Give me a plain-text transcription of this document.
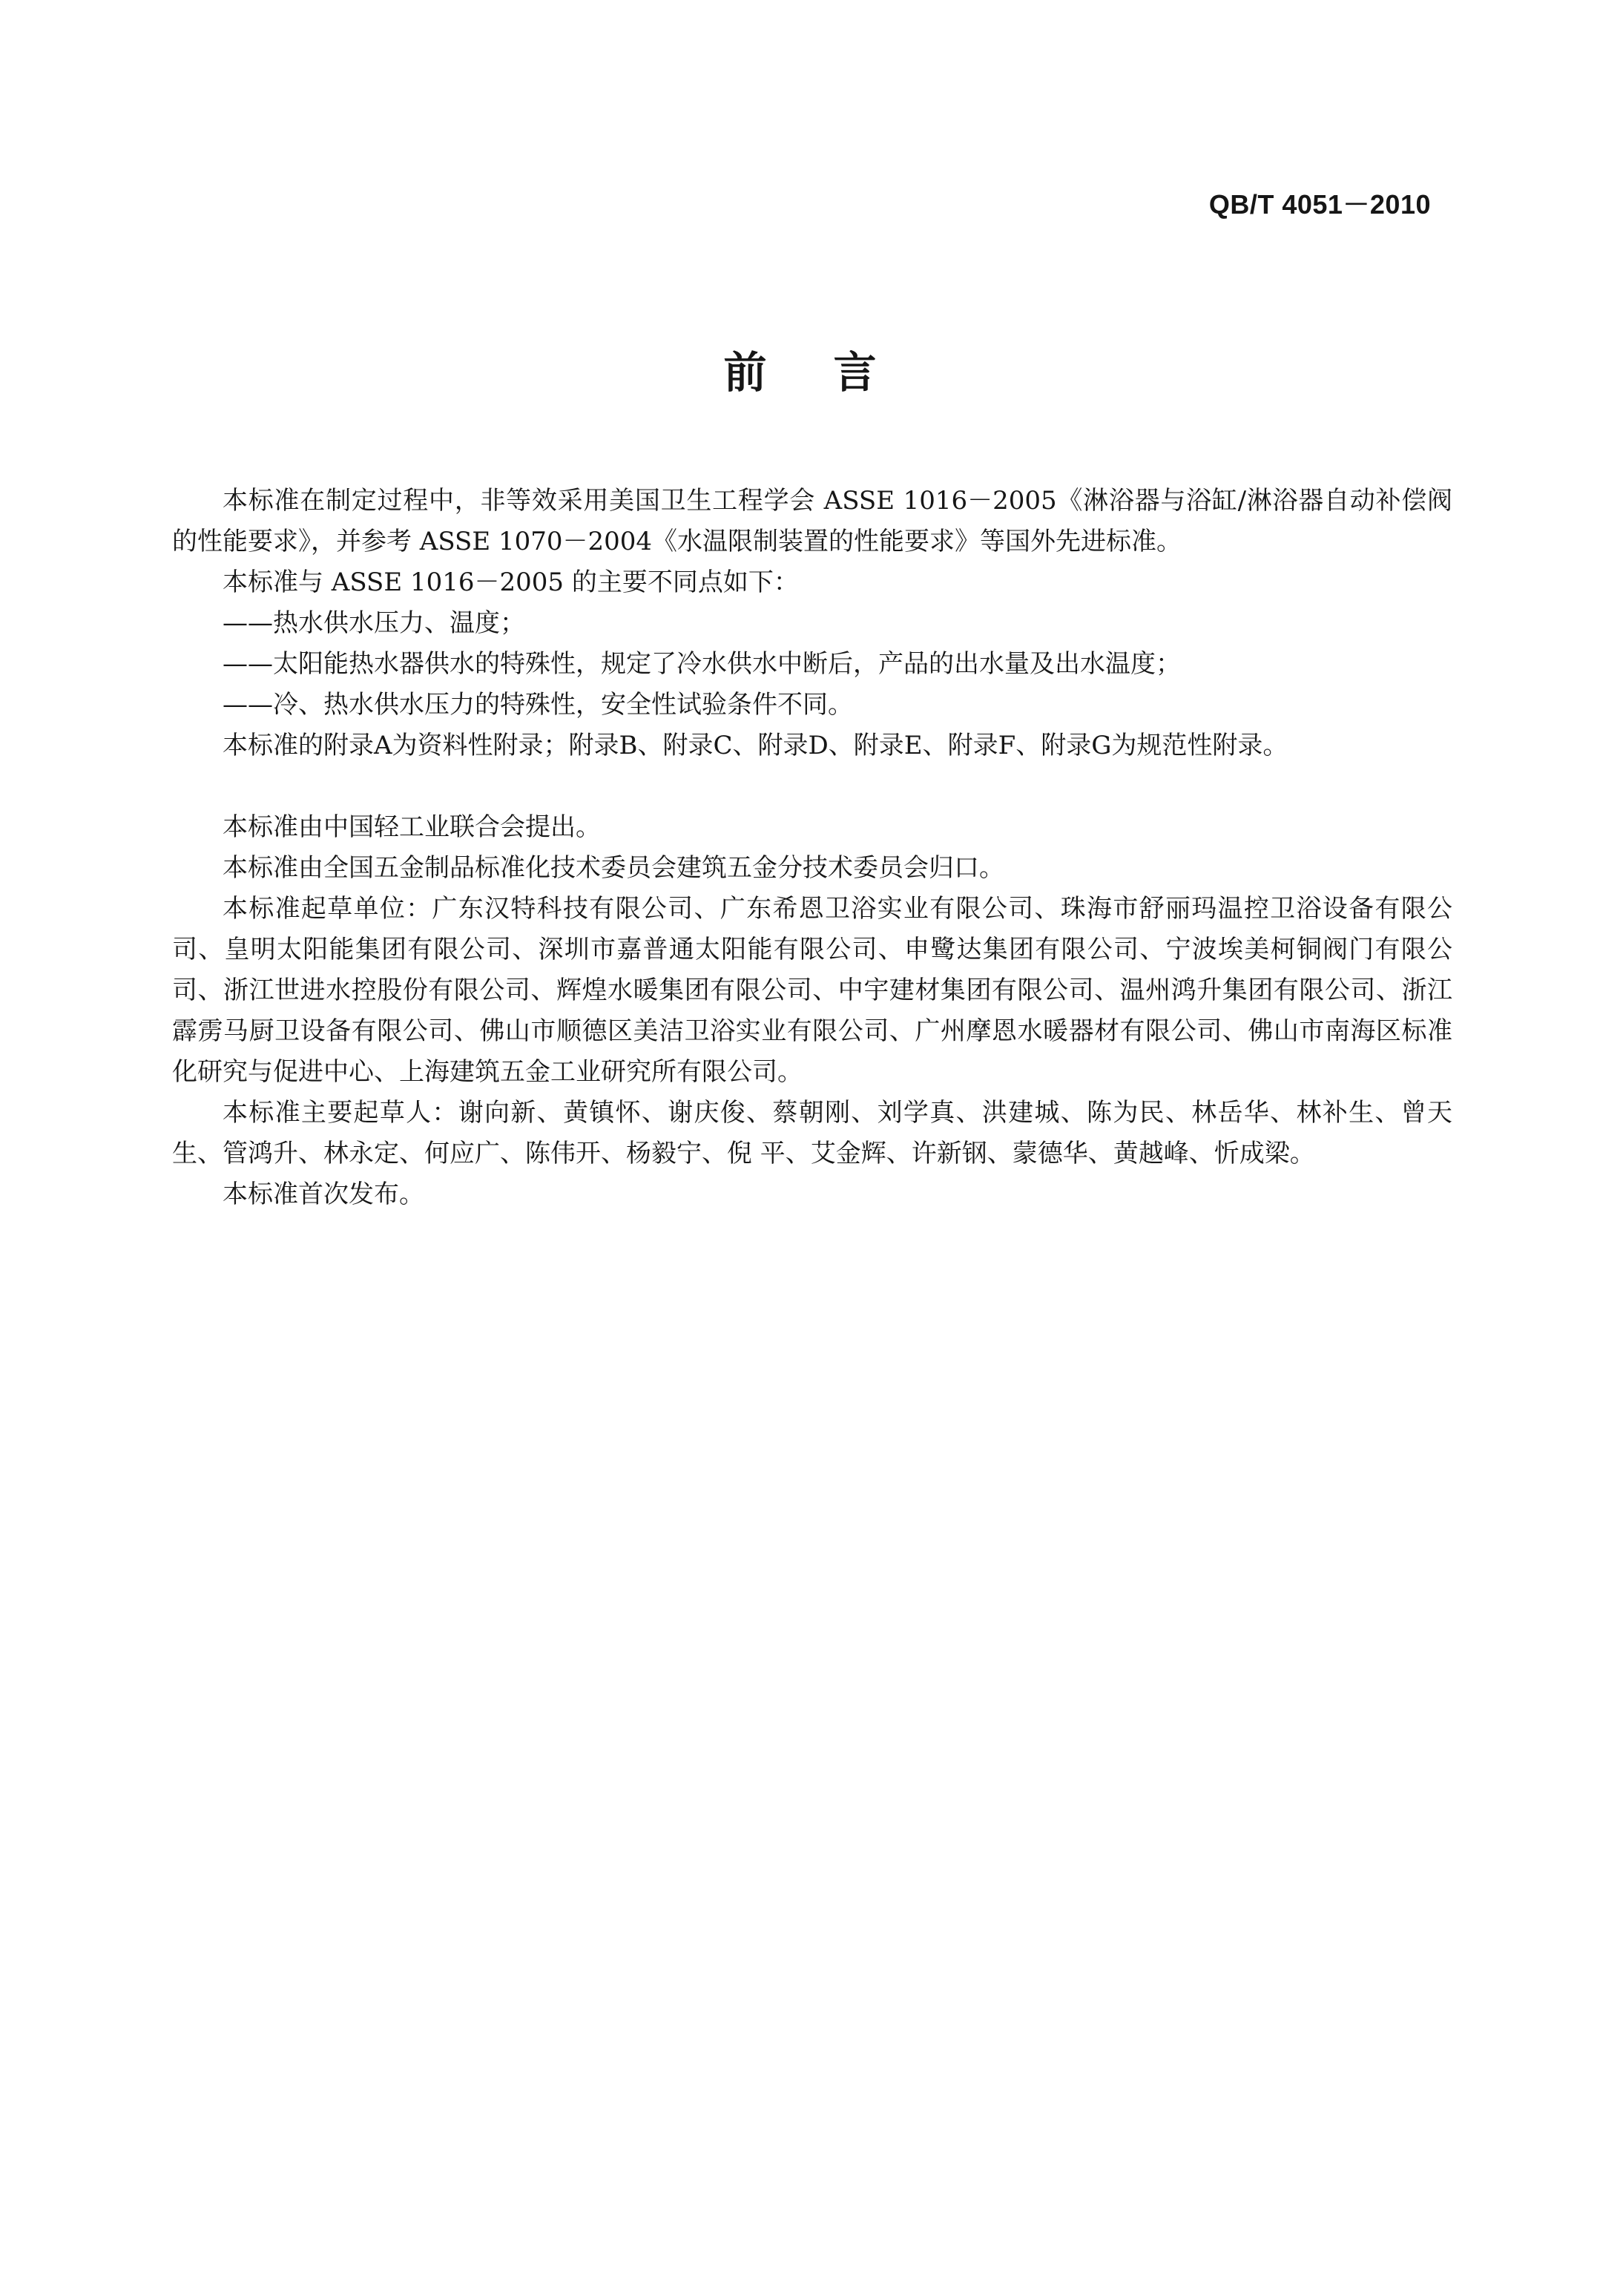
QB/T 4051－2010
前言

本标准在制定过程中，非等效采用美国卫生工程学会 ASSE 1016－2005《淋浴器与浴缸/淋浴器自动补偿阀的性能要求》，并参考 ASSE 1070－2004《水温限制装置的性能要求》等国外先进标准。

本标准与 ASSE 1016－2005 的主要不同点如下：

——热水供水压力、温度；

——太阳能热水器供水的特殊性，规定了冷水供水中断后，产品的出水量及出水温度；

——冷、热水供水压力的特殊性，安全性试验条件不同。

本标准的附录A为资料性附录；附录B、附录C、附录D、附录E、附录F、附录G为规范性附录。

本标准由中国轻工业联合会提出。

本标准由全国五金制品标准化技术委员会建筑五金分技术委员会归口。

本标准起草单位：广东汉特科技有限公司、广东希恩卫浴实业有限公司、珠海市舒丽玛温控卫浴设备有限公司、皇明太阳能集团有限公司、深圳市嘉普通太阳能有限公司、申鹭达集团有限公司、宁波埃美柯铜阀门有限公司、浙江世进水控股份有限公司、辉煌水暖集团有限公司、中宇建材集团有限公司、温州鸿升集团有限公司、浙江霹雳马厨卫设备有限公司、佛山市顺德区美洁卫浴实业有限公司、广州摩恩水暖器材有限公司、佛山市南海区标准化研究与促进中心、上海建筑五金工业研究所有限公司。

本标准主要起草人：谢向新、黄镇怀、谢庆俊、蔡朝刚、刘学真、洪建城、陈为民、林岳华、林补生、曾天生、管鸿升、林永定、何应广、陈伟开、杨毅宁、倪 平、艾金辉、许新钢、蒙德华、黄越峰、忻成梁。

本标准首次发布。
